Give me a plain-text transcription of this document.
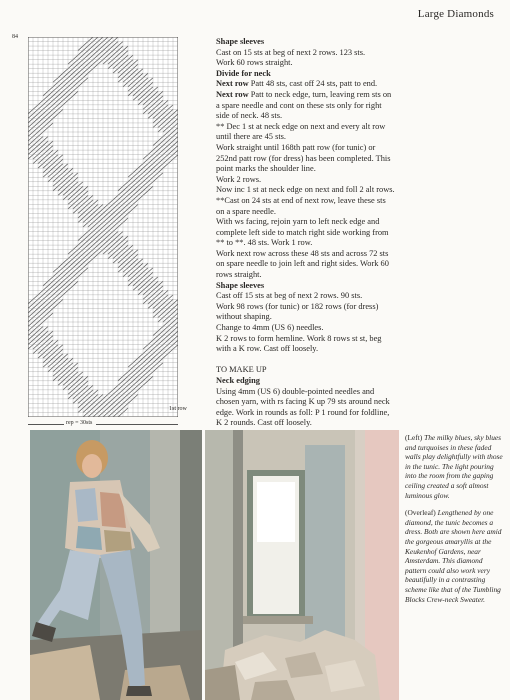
Large Diamonds
84
1st row
rep = 30sts

Shape sleeves

Cast on 15 sts at beg of next 2 rows. 123 sts.

Work 60 rows straight.

Divide for neck

Next row Patt 48 sts, cast off 24 sts, patt to end.

Next row Patt to neck edge, turn, leaving rem sts on a spare needle and cont on these sts only for right side of neck. 48 sts.

** Dec 1 st at neck edge on next and every alt row until there are 45 sts.

Work straight until 168th patt row (for tunic) or 252nd patt row (for dress) has been completed. This point marks the shoulder line.

Work 2 rows.

Now inc 1 st at neck edge on next and foll 2 alt rows. **Cast on 24 sts at end of next row, leave these sts on a spare needle.

With ws facing, rejoin yarn to left neck edge and complete left side to match right side working from ** to **. 48 sts. Work 1 row.

Work next row across these 48 sts and across 72 sts on spare needle to join left and right sides. Work 60 rows straight.

Shape sleeves

Cast off 15 sts at beg of next 2 rows. 90 sts.

Work 98 rows (for tunic) or 182 rows (for dress) without shaping.

Change to 4mm (US 6) needles.

K 2 rows to form hemline. Work 8 rows st st, beg with a K row. Cast off loosely.

TO MAKE UP

Neck edging

Using 4mm (US 6) double-pointed needles and chosen yarn, with rs facing K up 79 sts around neck edge. Work in rounds as foll: P 1 round for foldline, K 2 rounds. Cast off loosely.

(Left) The milky blues, sky blues and turquoises in these faded walls play delightfully with those in the tunic. The light pouring into the room from the gaping ceiling created a soft almost luminous glow.

(Overleaf) Lengthened by one diamond, the tunic becomes a dress. Both are shown here amid the gorgeous amaryllis at the Keukenhof Gardens, near Amsterdam. This diamond pattern could also work very beautifully in a contrasting scheme like that of the Tumbling Blocks Crew-neck Sweater.
